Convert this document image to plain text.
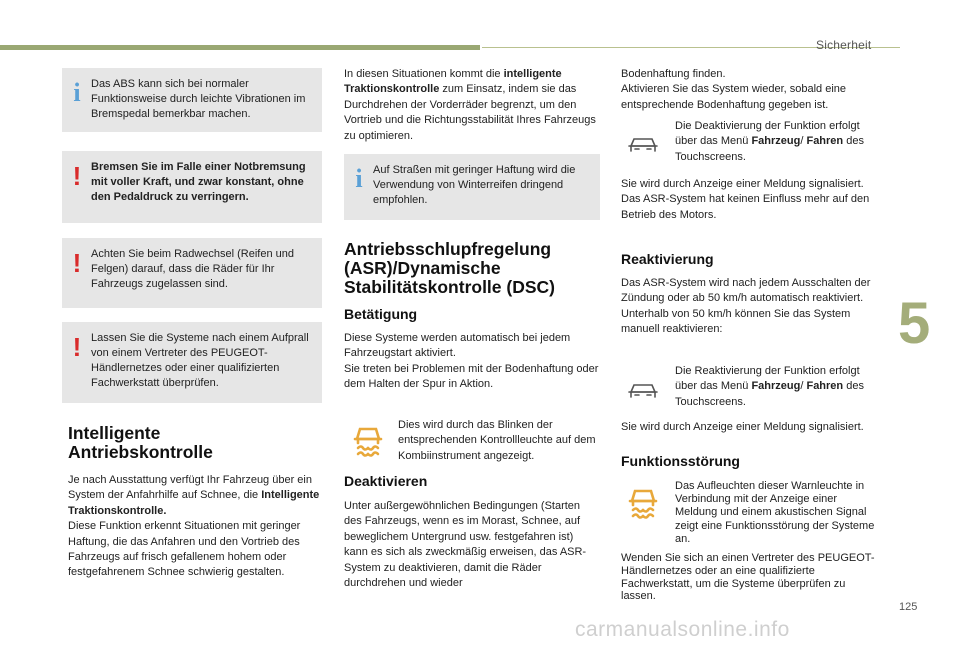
Sicherheit
5
125
i Das ABS kann sich bei normaler Funktionsweise durch leichte Vibrationen im Bremspedal bemerkbar machen.
! Bremsen Sie im Falle einer Notbremsung mit voller Kraft, und zwar konstant, ohne den Pedaldruck zu verringern.
! Achten Sie beim Radwechsel (Reifen und Felgen) darauf, dass die Räder für Ihr Fahrzeugs zugelassen sind.
! Lassen Sie die Systeme nach einem Aufprall von einem Vertreter des PEUGEOT-Händlernetzes oder einer qualifizierten Fachwerkstatt überprüfen.
Intelligente
Antriebskontrolle

Je nach Ausstattung verfügt Ihr Fahrzeug über ein System der Anfahrhilfe auf Schnee, die Intelligente Traktionskontrolle.

Diese Funktion erkennt Situationen mit geringer Haftung, die das Anfahren und den Vortrieb des Fahrzeugs auf frisch gefallenem hohem oder festgefahrenem Schnee schwierig gestalten.

In diesen Situationen kommt die intelligente Traktionskontrolle zum Einsatz, indem sie das Durchdrehen der Vorderräder begrenzt, um den Vortrieb und die Richtungsstabilität Ihres Fahrzeugs zu optimieren.

i Auf Straßen mit geringer Haftung wird die Verwendung von Winterreifen dringend empfohlen.
Antriebsschlupfregelung
(ASR)/Dynamische
Stabilitätskontrolle (DSC)
Betätigung

Diese Systeme werden automatisch bei jedem Fahrzeugstart aktiviert.

Sie treten bei Problemen mit der Bodenhaftung oder dem Halten der Spur in Aktion.

Dies wird durch das Blinken der entsprechenden Kontrollleuchte auf dem Kombiinstrument angezeigt.
Deaktivieren

Unter außergewöhnlichen Bedingungen (Starten des Fahrzeugs, wenn es im Morast, Schnee, auf beweglichem Untergrund usw. festgefahren ist) kann es sich als zweckmäßig erweisen, das ASR-System zu deaktivieren, damit die Räder durchdrehen und wieder

Bodenhaftung finden.

Aktivieren Sie das System wieder, sobald eine entsprechende Bodenhaftung gegeben ist.

Die Deaktivierung der Funktion erfolgt über das Menü Fahrzeug/ Fahren des Touchscreens.

Sie wird durch Anzeige einer Meldung signalisiert.

Das ASR-System hat keinen Einfluss mehr auf den Betrieb des Motors.

Reaktivierung

Das ASR-System wird nach jedem Ausschalten der Zündung oder ab 50 km/h automatisch reaktiviert.

Unterhalb von 50 km/h können Sie das System manuell reaktivieren:

Die Reaktivierung der Funktion erfolgt über das Menü Fahrzeug/ Fahren des Touchscreens.

Sie wird durch Anzeige einer Meldung signalisiert.

Funktionsstörung
Das Aufleuchten dieser Warnleuchte in Verbindung mit der Anzeige einer Meldung und einem akustischen Signal zeigt eine Funktionsstörung der Systeme an.

Wenden Sie sich an einen Vertreter des PEUGEOT-Händlernetzes oder an eine qualifizierte Fachwerkstatt, um die Systeme überprüfen zu lassen.

carmanualsonline.info
